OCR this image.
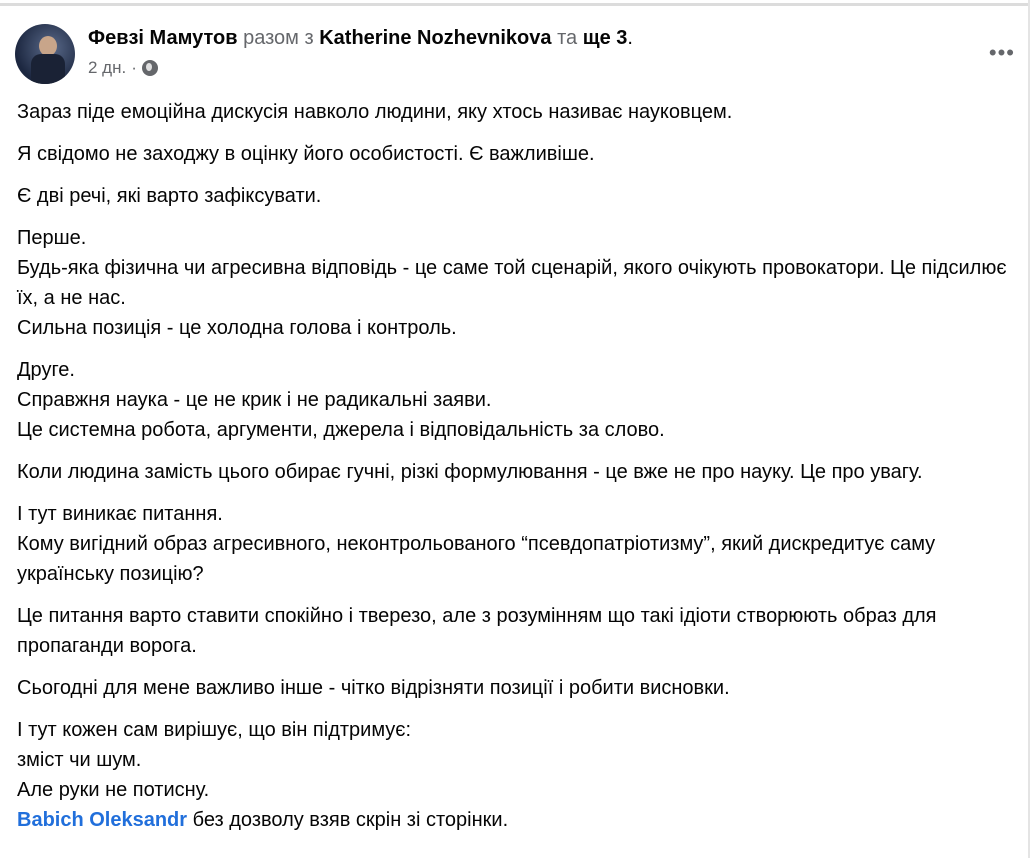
Февзі Мамутов разом з Katherine Nozhevnikova та ще 3.
2 дн. ·
•••

Зараз піде емоційна дискусія навколо людини, яку хтось називає науковцем.

Я свідомо не заходжу в оцінку його особистості. Є важливіше.

Є дві речі, які варто зафіксувати.

Перше.
Будь-яка фізична чи агресивна відповідь - це саме той сценарій, якого очікують провокатори. Це підсилює їх, а не нас.
Сильна позиція - це холодна голова і контроль.

Друге.
Справжня наука - це не крик і не радикальні заяви.
Це системна робота, аргументи, джерела і відповідальність за слово.

Коли людина замість цього обирає гучні, різкі формулювання - це вже не про науку. Це про увагу.

І тут виникає питання.
Кому вигідний образ агресивного, неконтрольованого “псевдопатріотизму”, який дискредитує саму українську позицію?

Це питання варто ставити спокійно і тверезо, але з розумінням що такі ідіоти створюють образ для пропаганди ворога.

Сьогодні для мене важливо інше - чітко відрізняти позиції і робити висновки.

І тут кожен сам вирішує, що він підтримує:
зміст чи шум.
Але руки не потисну.
Babich Oleksandr без дозволу взяв скрін зі сторінки.
